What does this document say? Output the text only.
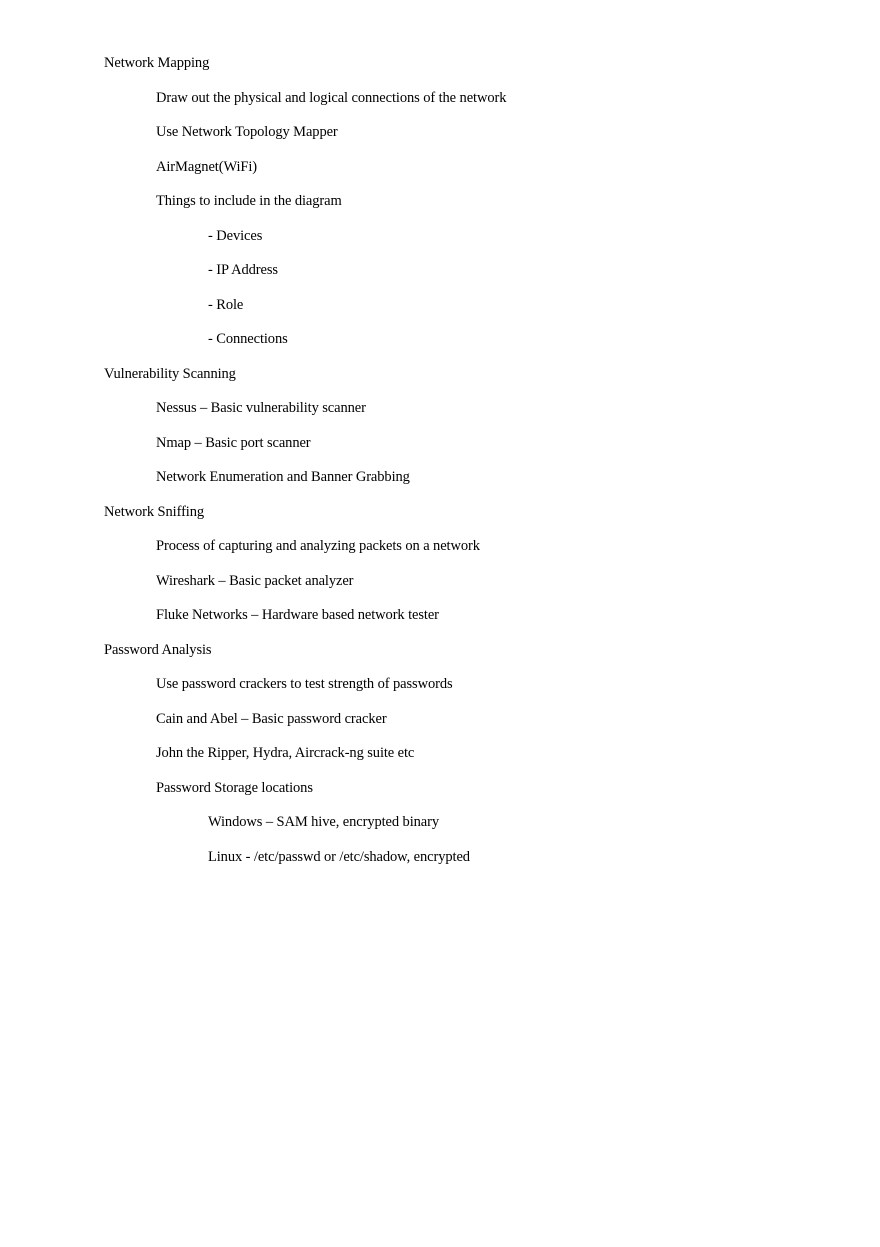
Network Mapping
Draw out the physical and logical connections of the network
Use Network Topology Mapper
AirMagnet(WiFi)
Things to include in the diagram
- Devices
- IP Address
- Role
- Connections
Vulnerability Scanning
Nessus – Basic vulnerability scanner
Nmap – Basic port scanner
Network Enumeration and Banner Grabbing
Network Sniffing
Process of capturing and analyzing packets on a network
Wireshark – Basic packet analyzer
Fluke Networks – Hardware based network tester
Password Analysis
Use password crackers to test strength of passwords
Cain and Abel – Basic password cracker
John the Ripper, Hydra, Aircrack-ng suite etc
Password Storage locations
Windows – SAM hive, encrypted binary
Linux - /etc/passwd or /etc/shadow, encrypted
